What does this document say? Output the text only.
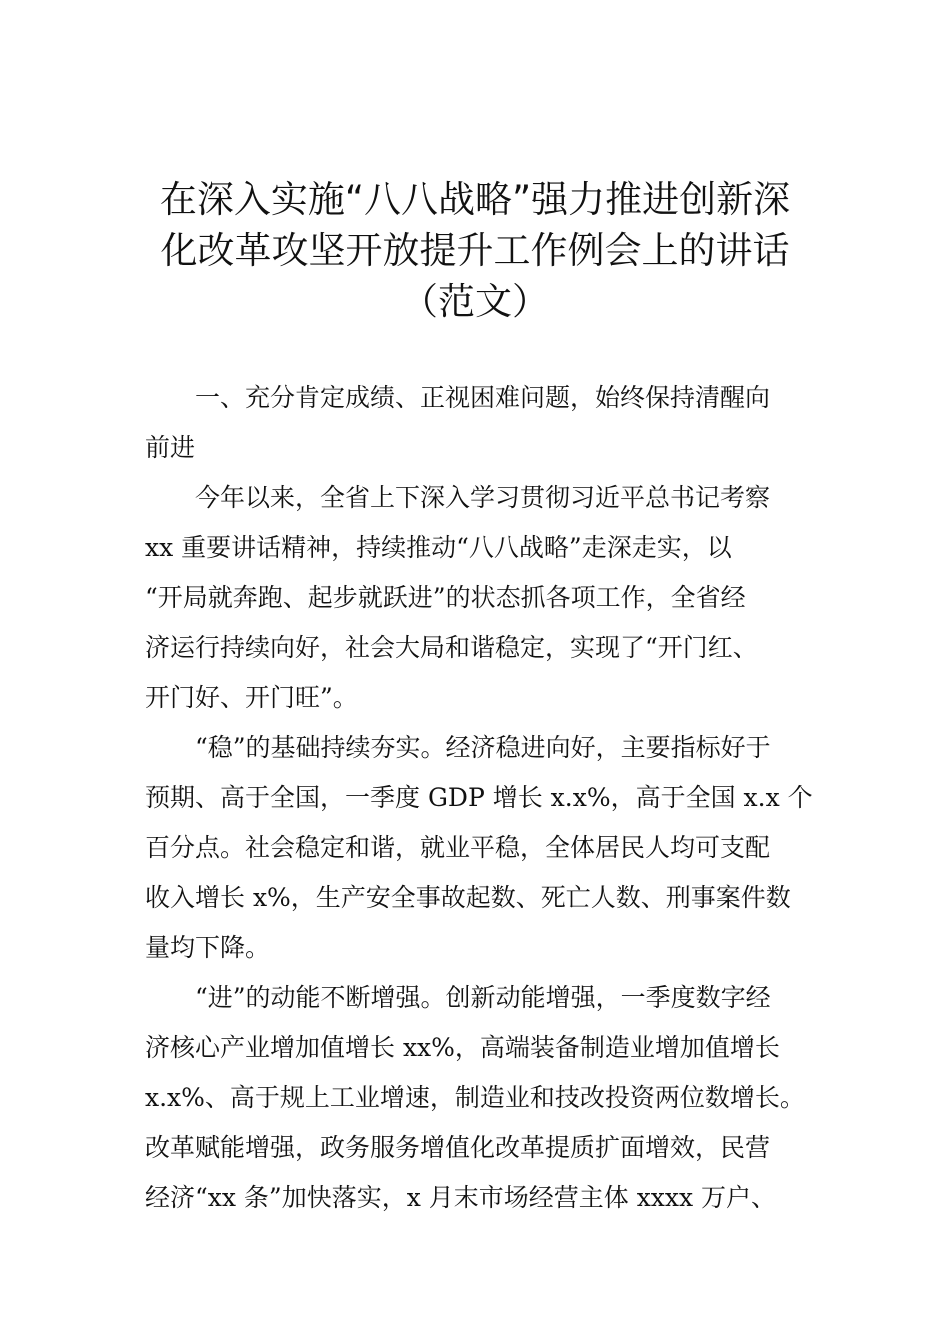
在深入实施“八八战略”强力推进创新深
化改革攻坚开放提升工作例会上的讲话
（范文）
一、充分肯定成绩、正视困难问题，始终保持清醒向
前进
今年以来，全省上下深入学习贯彻习近平总书记考察
xx 重要讲话精神，持续推动“八八战略”走深走实，以
“开局就奔跑、起步就跃进”的状态抓各项工作，全省经
济运行持续向好，社会大局和谐稳定，实现了“开门红、
开门好、开门旺”。
“稳”的基础持续夯实。经济稳进向好，主要指标好于
预期、高于全国，一季度 GDP 增长 x.x%，高于全国 x.x 个
百分点。社会稳定和谐，就业平稳，全体居民人均可支配
收入增长 x%，生产安全事故起数、死亡人数、刑事案件数
量均下降。
“进”的动能不断增强。创新动能增强，一季度数字经
济核心产业增加值增长 xx%，高端装备制造业增加值增长
x.x%、高于规上工业增速，制造业和技改投资两位数增长。
改革赋能增强，政务服务增值化改革提质扩面增效，民营
经济“xx 条”加快落实，x 月末市场经营主体 xxxx 万户、
